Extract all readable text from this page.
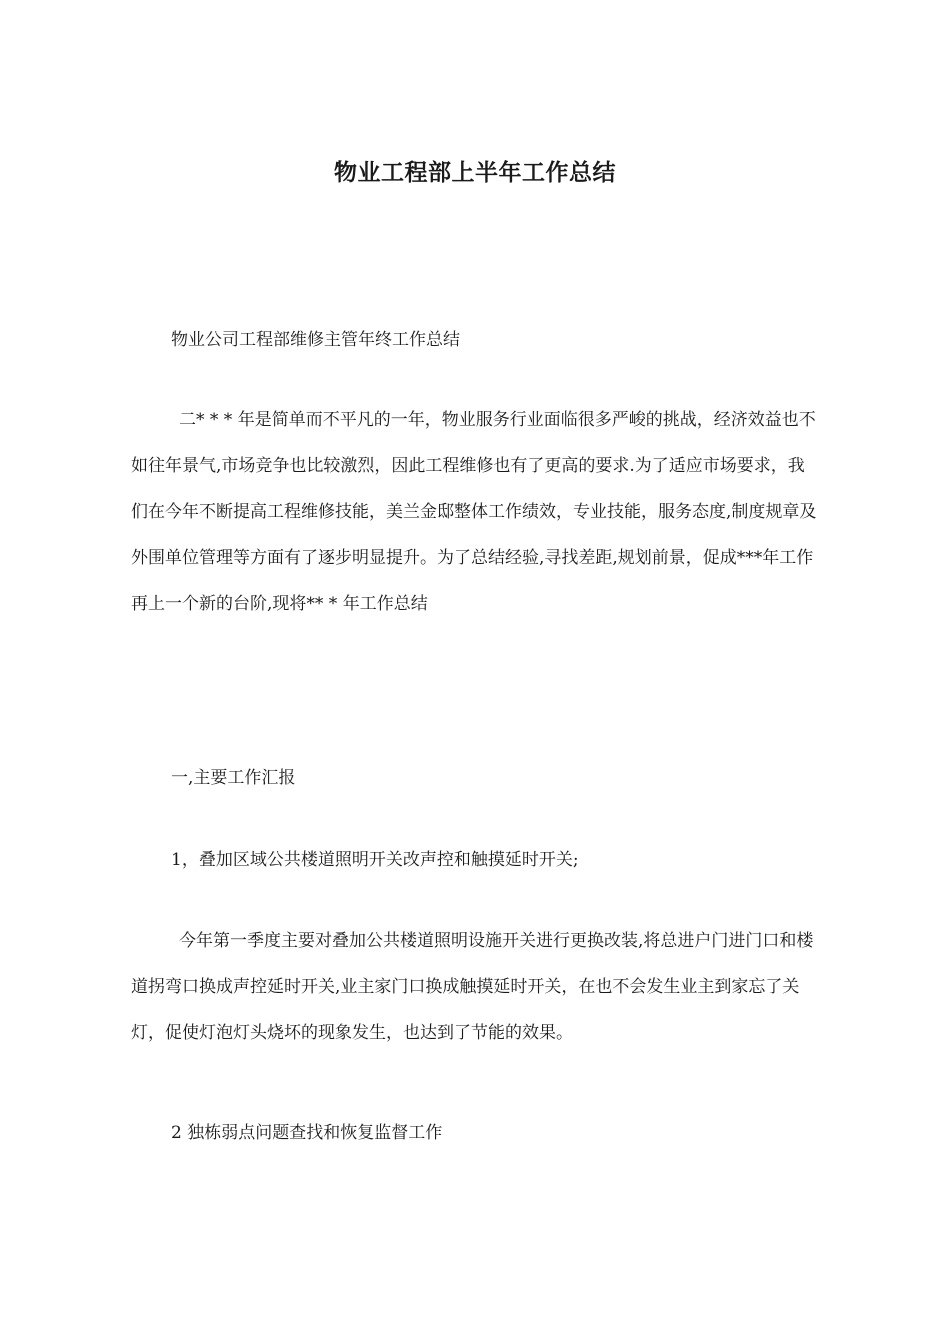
物业工程部上半年工作总结

物业公司工程部维修主管年终工作总结

二* * * 年是简单而不平凡的一年，物业服务行业面临很多严峻的挑战，经济效益也不如往年景气,市场竞争也比较激烈，因此工程维修也有了更高的要求.为了适应市场要求，我们在今年不断提高工程维修技能，美兰金邸整体工作绩效，专业技能，服务态度,制度规章及外围单位管理等方面有了逐步明显提升。为了总结经验,寻找差距,规划前景，促成***年工作再上一个新的台阶,现将** * 年工作总结

一,主要工作汇报

1，叠加区域公共楼道照明开关改声控和触摸延时开关;

今年第一季度主要对叠加公共楼道照明设施开关进行更换改装,将总进户门进门口和楼道拐弯口换成声控延时开关,业主家门口换成触摸延时开关，在也不会发生业主到家忘了关灯，促使灯泡灯头烧坏的现象发生，也达到了节能的效果。

2 独栋弱点问题查找和恢复监督工作
